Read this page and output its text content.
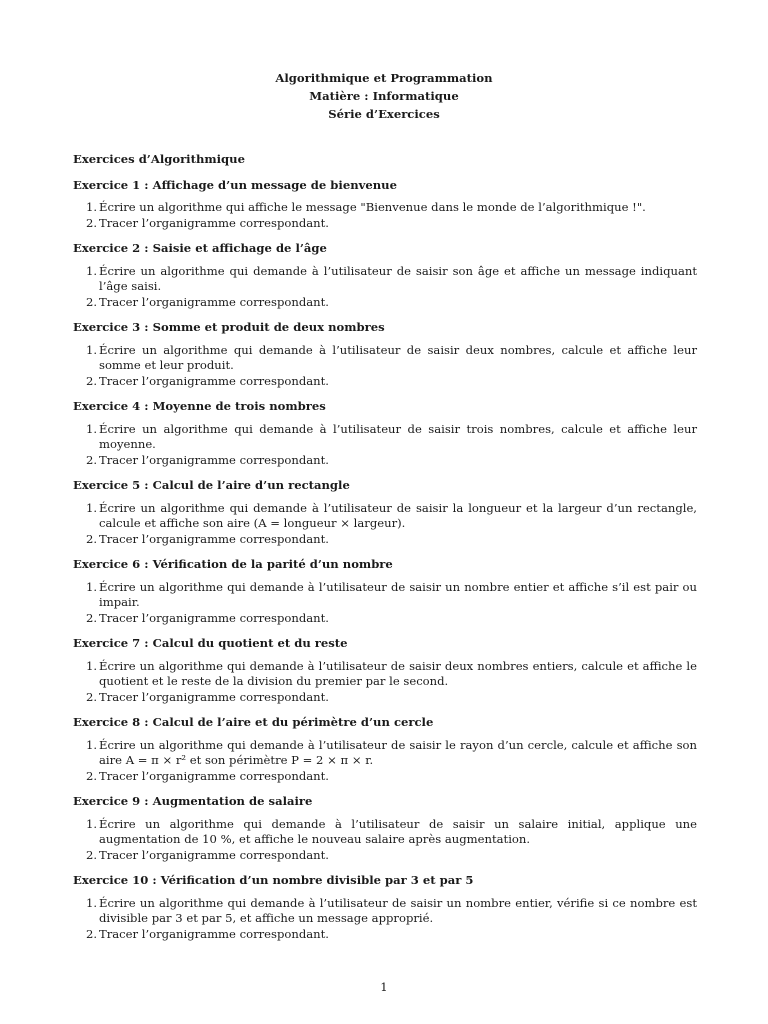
Algorithmique et Programmation
Matière : Informatique
Série d’Exercices
Exercices d’Algorithmique
Exercice 1 : Affichage d’un message de bienvenue
1. Écrire un algorithme qui affiche le message "Bienvenue dans le monde de l’algorithmique !".
2. Tracer l’organigramme correspondant.
Exercice 2 : Saisie et affichage de l’âge
1. Écrire un algorithme qui demande à l’utilisateur de saisir son âge et affiche un message indiquant l’âge saisi.
2. Tracer l’organigramme correspondant.
Exercice 3 : Somme et produit de deux nombres
1. Écrire un algorithme qui demande à l’utilisateur de saisir deux nombres, calcule et affiche leur somme et leur produit.
2. Tracer l’organigramme correspondant.
Exercice 4 : Moyenne de trois nombres
1. Écrire un algorithme qui demande à l’utilisateur de saisir trois nombres, calcule et affiche leur moyenne.
2. Tracer l’organigramme correspondant.
Exercice 5 : Calcul de l’aire d’un rectangle
1. Écrire un algorithme qui demande à l’utilisateur de saisir la longueur et la largeur d’un rectangle, calcule et affiche son aire (A = longueur × largeur).
2. Tracer l’organigramme correspondant.
Exercice 6 : Vérification de la parité d’un nombre
1. Écrire un algorithme qui demande à l’utilisateur de saisir un nombre entier et affiche s’il est pair ou impair.
2. Tracer l’organigramme correspondant.
Exercice 7 : Calcul du quotient et du reste
1. Écrire un algorithme qui demande à l’utilisateur de saisir deux nombres entiers, calcule et affiche le quotient et le reste de la division du premier par le second.
2. Tracer l’organigramme correspondant.
Exercice 8 : Calcul de l’aire et du périmètre d’un cercle
1. Écrire un algorithme qui demande à l’utilisateur de saisir le rayon d’un cercle, calcule et affiche son aire A = π × r² et son périmètre P = 2 × π × r.
2. Tracer l’organigramme correspondant.
Exercice 9 : Augmentation de salaire
1. Écrire un algorithme qui demande à l’utilisateur de saisir un salaire initial, applique une augmentation de 10 %, et affiche le nouveau salaire après augmentation.
2. Tracer l’organigramme correspondant.
Exercice 10 : Vérification d’un nombre divisible par 3 et par 5
1. Écrire un algorithme qui demande à l’utilisateur de saisir un nombre entier, vérifie si ce nombre est divisible par 3 et par 5, et affiche un message approprié.
2. Tracer l’organigramme correspondant.
1
